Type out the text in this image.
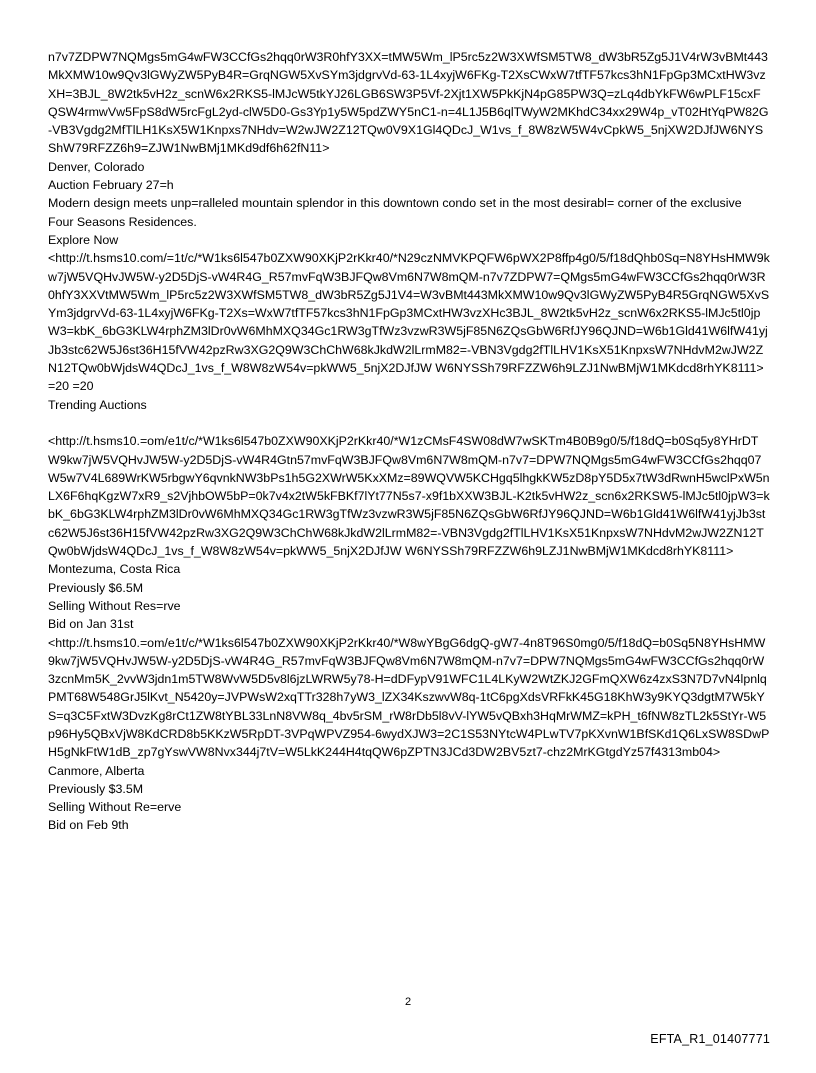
n7v7ZDPW7NQMgs5mG4wFW3CCfGs2hqq0rW3R0hfY3XX=tMW5Wm_lP5rc5z2W3XWfSM5TW8_dW3bR5Zg5J1V4rW3vBMt443MkXMW10w9Qv3lGWyZW5PyB4R=GrqNGW5XvSYm3jdgrvVd-63-1L4xyjW6FKg-T2XsCWxW7tfTF57kcs3hN1FpGp3MCxtHW3vzXH=3BJL_8W2tk5vH2z_scnW6x2RKS5-lMJcW5tkYJ26LGB6SW3P5Vf-2Xjt1XW5PkKjN4pG85PW3Q=zLq4dbYkFW6wPLF15cxFQSW4rmwVw5FpS8dW5rcFgL2yd-clW5D0-Gs3Yp1y5W5pdZWY5nC1-n=4L1J5B6qlTWyW2MKhdC34xx29W4p_vT02HtYqPW82G-VB3Vgdg2MfTlLH1KsX5W1Knpxs7NHdv=W2wJW2Z12TQw0V9X1Gl4QDcJ_W1vs_f_8W8zW5W4vCpkW5_5njXW2DJfJW6NYSShW79RFZZ6h9=ZJW1NwBMj1MKd9df6h62fN11>
Denver, Colorado
Auction February 27=h
Modern design meets unp=ralleled mountain splendor in this downtown condo set in the most desirabl= corner of the exclusive Four Seasons Residences.
Explore Now
<http://t.hsms10.com/=1t/c/*W1ks6l547b0ZXW90XKjP2rKkr40/*N29czNMVKPQFW6pWX2P8ffp4g0/5/f18dQhb0Sq=N8YHsHMW9kw7jW5VQHvJW5W-y2D5DjS-vW4R4G_R57mvFqW3BJFQw8Vm6N7W8mQM-n7v7ZDPW7=QMgs5mG4wFW3CCfGs2hqq0rW3R0hfY3XXVtMW5Wm_lP5rc5z2W3XWfSM5TW8_dW3bR5Zg5J1V4=W3vBMt443MkXMW10w9Qv3lGWyZW5PyB4R5GrqNGW5XvSYm3jdgrvVd-63-1L4xyjW6FKg-T2Xs=WxW7tfTF57kcs3hN1FpGp3MCxtHW3vzXHc3BJL_8W2tk5vH2z_scnW6x2RKS5-lMJc5tl0jpW3=kbK_6bG3KLW4rphZM3lDr0vW6MhMXQ34Gc1RW3gTfWz3vzwR3W5jF85N6ZQsGbW6RfJY96QJND=W6b1Gld41W6lfW41yjJb3stc62W5J6st36H15fVW42pzRw3XG2Q9W3ChChW68kJkdW2lLrmM82=-VBN3Vgdg2fTlLHV1KsX51KnpxsW7NHdvM2wJW2ZN12TQw0bWjdsW4QDcJ_1vs_f_W8W8zW54v=pkWW5_5njX2DJfJW W6NYSSh79RFZZW6h9LZJ1NwBMjW1MKdcd8rhYK8111>
=20 =20
Trending Auctions
<http://t.hsms10.=om/e1t/c/*W1ks6l547b0ZXW90XKjP2rKkr40/*W1zCMsF4SW08dW7wSKTm4B0B9g0/5/f18dQ=b0Sq5y8YHrDTW9kw7jW5VQHvJW5W-y2D5DjS-vW4R4Gtn57mvFqW3BJFQw8Vm6N7W8mQM-n7v7=DPW7NQMgs5mG4wFW3CCfGs2hqq07W5w7V4L689WrKW5rbgwY6qvnkNW3bPs1h5G2XWrW5KxXMz=89WQVW5KCHgq5lhgkKW5zD8pY5D5x7tW3dRwnH5wclPxW5nLX6F6hqKgzW7xR9_s2VjhbOW5bP=0k7v4x2tW5kFBKf7lYt77N5s7-x9f1bXXW3BJL-K2tk5vHW2z_scn6x2RKSW5-lMJc5tl0jpW3=kbK_6bG3KLW4rphZM3lDr0vW6MhMXQ34Gc1RW3gTfWz3vzwR3W5jF85N6ZQsGbW6RfJY96QJND=W6b1Gld41W6lfW41yjJb3stc62W5J6st36H15fVW42pzRw3XG2Q9W3ChChW68kJkdW2lLrmM82=-VBN3Vgdg2fTlLHV1KsX51KnpxsW7NHdvM2wJW2ZN12TQw0bWjdsW4QDcJ_1vs_f_W8W8zW54v=pkWW5_5njX2DJfJW W6NYSSh79RFZZW6h9LZJ1NwBMjW1MKdcd8rhYK8111>
Montezuma, Costa Rica
Previously $6.5M
Selling Without Res=rve
Bid on Jan 31st
<http://t.hsms10.=om/e1t/c/*W1ks6l547b0ZXW90XKjP2rKkr40/*W8wYBgG6dgQ-gW7-4n8T96S0mg0/5/f18dQ=b0Sq5N8YHsHMW9kw7jW5VQHvJW5W-y2D5DjS-vW4R4G_R57mvFqW3BJFQw8Vm6N7W8mQM-n7v7=DPW7NQMgs5mG4wFW3CCfGs2hqq0rW3zcnMm5K_2vvW3jdn1m5TW8WvW5D5v8l6jzLWRW5y78-H=dDFypV91WFC1L4LKyW2WtZKJ2GFmQXW6z4zxS3N7D7vN4lpnlqPMT68W548GrJ5lKvt_N5420y=JVPWsW2xqTTr328h7yW3_lZX34KszwvW8q-1tC6pgXdsVRFkK45G18KhW3y9KYQ3dgtM7W5kYS=q3C5FxtW3DvzKg8rCt1ZW8tYBL33LnN8VW8q_4bv5rSM_rW8rDb5l8vV-lYW5vQBxh3HqMrWMZ=kPH_t6fNW8zTL2k5StYr-W5p96Hy5QBxVjW8KdCRD8b5KKzW5RpDT-3VPqWPVZ954-6wydXJW3=2C1S53NYtcW4PLwTV7pKXvnW1BfSKd1Q6LxSW8SDwPH5gNkFtW1dB_zp7gYswVW8Nvx344j7tV=W5LkK244H4tqQW6pZPTN3JCd3DW2BV5zt7-chz2MrKGtgdYz57f4313mb04>
Canmore, Alberta
Previously $3.5M
Selling Without Re=erve
Bid on Feb 9th
2
EFTA_R1_01407771
